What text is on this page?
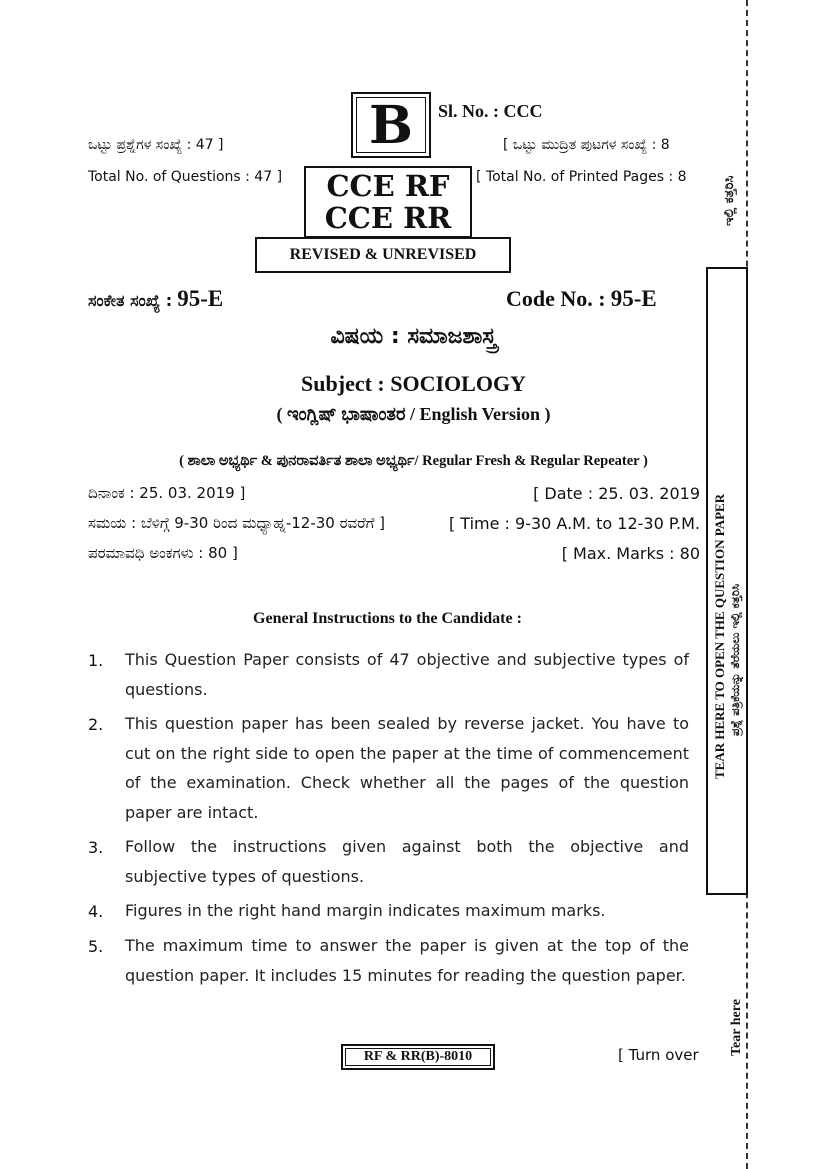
B	Sl. No. : CCC
ಒಟ್ಟು ಪ್ರಶ್ನೆಗಳ ಸಂಖ್ಯೆ : 47 ]	[ ಒಟ್ಟು ಮುದ್ರಿತ ಪುಟಗಳ ಸಂಖ್ಯೆ : 8
Total No. of Questions : 47 ]	[ Total No. of Printed Pages : 8
CCE RF
CCE RR
REVISED & UNREVISED
ಸಂಕೇತ ಸಂಖ್ಯೆ : 95-E	Code No. : 95-E
ವಿಷಯ : ಸಮಾಜಶಾಸ್ತ್ರ
Subject : SOCIOLOGY
( ಇಂಗ್ಲಿಷ್ ಭಾಷಾಂತರ / English Version )
( ಶಾಲಾ ಅಭ್ಯರ್ಥಿ & ಪುನರಾವರ್ತಿತ ಶಾಲಾ ಅಭ್ಯರ್ಥಿ/ Regular Fresh & Regular Repeater )
ದಿನಾಂಕ : 25. 03. 2019 ]	[ Date : 25. 03. 2019
ಸಮಯ : ಬೆಳಿಗ್ಗೆ 9-30 ರಿಂದ ಮಧ್ಯಾಹ್ನ-12-30 ರವರೆಗೆ ]	[ Time : 9-30 A.M. to 12-30 P.M.
ಪರಮಾವಧಿ ಅಂಕಗಳು : 80 ]	[ Max. Marks : 80
General Instructions to the Candidate :
1. This Question Paper consists of 47 objective and subjective types of questions.
2. This question paper has been sealed by reverse jacket. You have to cut on the right side to open the paper at the time of commencement of the examination. Check whether all the pages of the question paper are intact.
3. Follow the instructions given against both the objective and subjective types of questions.
4. Figures in the right hand margin indicates maximum marks.
5. The maximum time to answer the paper is given at the top of the question paper. It includes 15 minutes for reading the question paper.
RF & RR(B)-8010	[ Turn over
ಇಲ್ಲಿ ಕತ್ತರಿಸಿ
TEAR HERE TO OPEN THE QUESTION PAPER ಪ್ರಶ್ನೆ ಪತ್ರಿಕೆಯನ್ನು ತೆರೆಯಲು ಇಲ್ಲಿ ಕತ್ತರಿಸಿ
Tear here
